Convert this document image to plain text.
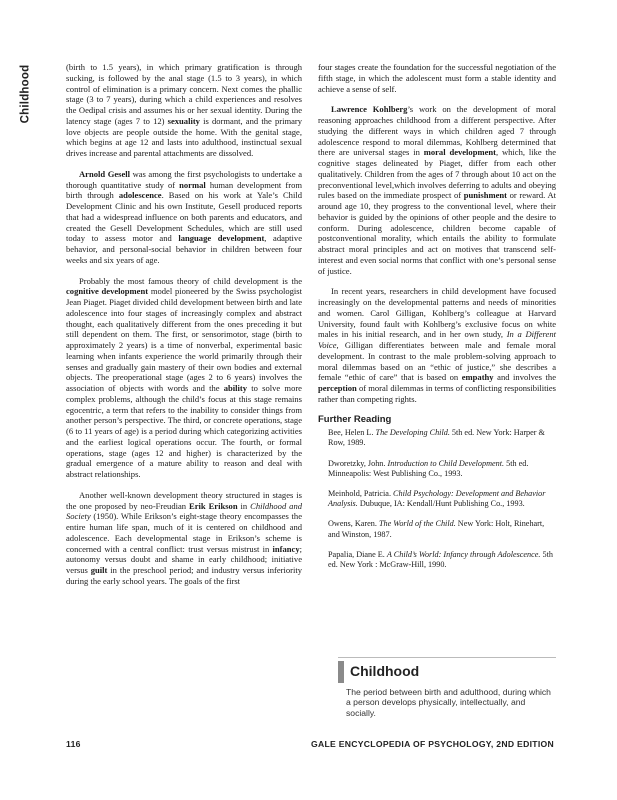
Childhood	(birth to 1.5 years), in which primary gratification is through sucking, is followed by the anal stage (1.5 to 3 years), in which control of elimination is a primary concern. Next comes the phallic stage (3 to 7 years), during which a child experiences and resolves the Oedipal crisis and assumes his or her sexual identity. During the latency stage (ages 7 to 12) sexuality is dormant, and the primary love objects are people outside the home. With the genital stage, which begins at age 12 and lasts into adulthood, instinctual sexual drives increase and parental attachments are dissolved.

Arnold Gesell was among the first psychologists to undertake a thorough quantitative study of normal human development from birth through adolescence. Based on his work at Yale’s Child Development Clinic and his own Institute, Gesell produced reports that had a widespread influence on both parents and educators, and created the Gesell Development Schedules, which are still used today to assess motor and language development, adaptive behavior, and personal-social behavior in children between four weeks and six years of age.

Probably the most famous theory of child development is the cognitive development model pioneered by the Swiss psychologist Jean Piaget. Piaget divided child development between birth and late adolescence into four stages of increasingly complex and abstract thought, each qualitatively different from the ones preceding it but still dependent on them. The first, or sensorimotor, stage (birth to approximately 2 years) is a time of nonverbal, experimental basic learning when infants experience the world primarily through their senses and gradually gain mastery of their own bodies and external objects. The preoperational stage (ages 2 to 6 years) involves the association of objects with words and the ability to solve more complex problems, although the child’s focus at this stage remains egocentric, a term that refers to the inability to consider things from another person’s perspective. The third, or concrete operations, stage (6 to 11 years of age) is a period during which categorizing activities and the earliest logical operations occur. The fourth, or formal operations, stage (ages 12 and higher) is characterized by the gradual emergence of a mature ability to reason and deal with abstract relationships.

Another well-known development theory structured in stages is the one proposed by neo-Freudian Erik Erikson in Childhood and Society (1950). While Erikson’s eight-stage theory encompasses the entire human life span, much of it is centered on childhood and adolescence. Each developmental stage in Erikson’s scheme is concerned with a central conflict: trust versus mistrust in infancy; autonomy versus doubt and shame in early childhood; initiative versus guilt in the preschool period; and industry versus inferiority during the early school years. The goals of the first

four stages create the foundation for the successful negotiation of the fifth stage, in which the adolescent must form a stable identity and achieve a sense of self.

Lawrence Kohlberg’s work on the development of moral reasoning approaches childhood from a different perspective. After studying the different ways in which children aged 7 through adolescence respond to moral dilemmas, Kohlberg determined that there are universal stages in moral development, which, like the cognitive stages delineated by Piaget, differ from each other qualitatively. Children from the ages of 7 through about 10 act on the preconventional level,which involves deferring to adults and obeying rules based on the immediate prospect of punishment or reward. At around age 10, they progress to the conventional level, where their behavior is guided by the opinions of other people and the desire to conform. During adolescence, children become capable of postconventional morality, which entails the ability to formulate abstract moral principles and act on motives that transcend self-interest and even social norms that conflict with one’s personal sense of justice.

In recent years, researchers in child development have focused increasingly on the developmental patterns and needs of minorities and women. Carol Gilligan, Kohlberg’s colleague at Harvard University, found fault with Kohlberg’s exclusive focus on white males in his initial research, and in her own study, In a Different Voice, Gilligan differentiates between male and female moral development. In contrast to the male problem-solving approach to moral dilemmas based on an “ethic of justice,” she describes a female “ethic of care” that is based on empathy and involves the perception of moral dilemmas in terms of conflicting responsibilities rather than competing rights.

Further Reading

Bee, Helen L. The Developing Child. 5th ed. New York: Harper & Row, 1989.

Dworetzky, John. Introduction to Child Development. 5th ed. Minneapolis: West Publishing Co., 1993.

Meinhold, Patricia. Child Psychology: Development and Behavior Analysis. Dubuque, IA: Kendall/Hunt Publishing Co., 1993.

Owens, Karen. The World of the Child. New York: Holt, Rinehart, and Winston, 1987.

Papalia, Diane E. A Child’s World: Infancy through Adolescence. 5th ed. New York : McGraw-Hill, 1990.

Childhood
The period between birth and adulthood, during which a person develops physically, intellectually, and socially.
116	GALE ENCYCLOPEDIA OF PSYCHOLOGY, 2ND EDITION
